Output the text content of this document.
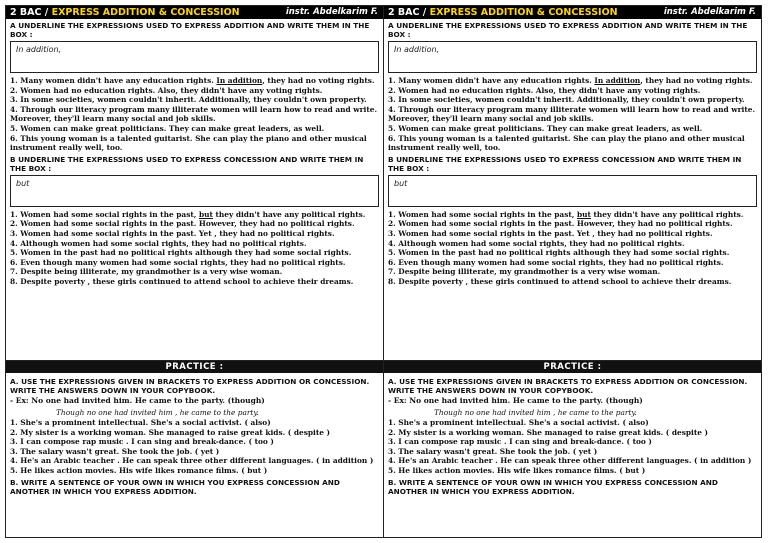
2 BAC / EXPRESS ADDITION & CONCESSION	instr. Abdelkarim F.
A UNDERLINE THE EXPRESSIONS USED TO EXPRESS ADDITION AND WRITE THEM IN THE BOX :
In addition,
1. Many women didn't have any education rights. In addition, they had no voting rights.
2. Women had no education rights. Also, they didn't have any voting rights.
3. In some societies, women couldn't inherit. Additionally, they couldn't own property.
4. Through our literacy program many illiterate women will learn how to read and write. Moreover, they'll learn many social and job skills.
5. Women can make great politicians. They can make great leaders, as well.
6. This young woman is a talented guitarist. She can play the piano and other musical instrument really well, too.
B UNDERLINE THE EXPRESSIONS USED TO EXPRESS CONCESSION AND WRITE THEM IN THE BOX :
but
1. Women had some social rights in the past, but they didn't have any political rights.
2. Women had some social rights in the past. However, they had no political rights.
3. Women had some social rights in the past. Yet , they had no political rights.
4. Although women had some social rights, they had no political rights.
5. Women in the past had no political rights although they had some social rights.
6. Even though many women had some social rights, they had no political rights.
7. Despite being illiterate, my grandmother is a very wise woman.
8. Despite poverty , these girls continued to attend school to achieve their dreams.
PRACTICE :
A. USE THE EXPRESSIONS GIVEN IN BRACKETS TO EXPRESS ADDITION OR CONCESSION. WRITE THE ANSWERS DOWN IN YOUR COPYBOOK.
- Ex: No one had invited him. He came to the party. (though)
Though no one had invited him , he came to the party.
1. She's a prominent intellectual. She's a social activist. ( also)
2. My sister is a working woman. She managed to raise great kids. ( despite )
3. I can compose rap music . I can sing and break-dance. ( too )
3. The salary wasn't great. She took the job. ( yet )
4. He's an Arabic teacher . He can speak three other different languages. ( in addition )
5. He likes action movies. His wife likes romance films. ( but )
B. WRITE A SENTENCE OF YOUR OWN IN WHICH YOU EXPRESS CONCESSION AND ANOTHER IN WHICH YOU EXPRESS ADDITION.
2 BAC / EXPRESS ADDITION & CONCESSION	instr. Abdelkarim F.
A UNDERLINE THE EXPRESSIONS USED TO EXPRESS ADDITION AND WRITE THEM IN THE BOX :
In addition,
1. Many women didn't have any education rights. In addition, they had no voting rights.
2. Women had no education rights. Also, they didn't have any voting rights.
3. In some societies, women couldn't inherit. Additionally, they couldn't own property.
4. Through our literacy program many illiterate women will learn how to read and write. Moreover, they'll learn many social and job skills.
5. Women can make great politicians. They can make great leaders, as well.
6. This young woman is a talented guitarist. She can play the piano and other musical instrument really well, too.
B UNDERLINE THE EXPRESSIONS USED TO EXPRESS CONCESSION AND WRITE THEM IN THE BOX :
but
1. Women had some social rights in the past, but they didn't have any political rights.
2. Women had some social rights in the past. However, they had no political rights.
3. Women had some social rights in the past. Yet , they had no political rights.
4. Although women had some social rights, they had no political rights.
5. Women in the past had no political rights although they had some social rights.
6. Even though many women had some social rights, they had no political rights.
7. Despite being illiterate, my grandmother is a very wise woman.
8. Despite poverty , these girls continued to attend school to achieve their dreams.
PRACTICE :
A. USE THE EXPRESSIONS GIVEN IN BRACKETS TO EXPRESS ADDITION OR CONCESSION. WRITE THE ANSWERS DOWN IN YOUR COPYBOOK.
- Ex: No one had invited him. He came to the party. (though)
Though no one had invited him , he came to the party.
1. She's a prominent intellectual. She's a social activist. ( also)
2. My sister is a working woman. She managed to raise great kids. ( despite )
3. I can compose rap music . I can sing and break-dance. ( too )
3. The salary wasn't great. She took the job. ( yet )
4. He's an Arabic teacher . He can speak three other different languages. ( in addition )
5. He likes action movies. His wife likes romance films. ( but )
B. WRITE A SENTENCE OF YOUR OWN IN WHICH YOU EXPRESS CONCESSION AND ANOTHER IN WHICH YOU EXPRESS ADDITION.
